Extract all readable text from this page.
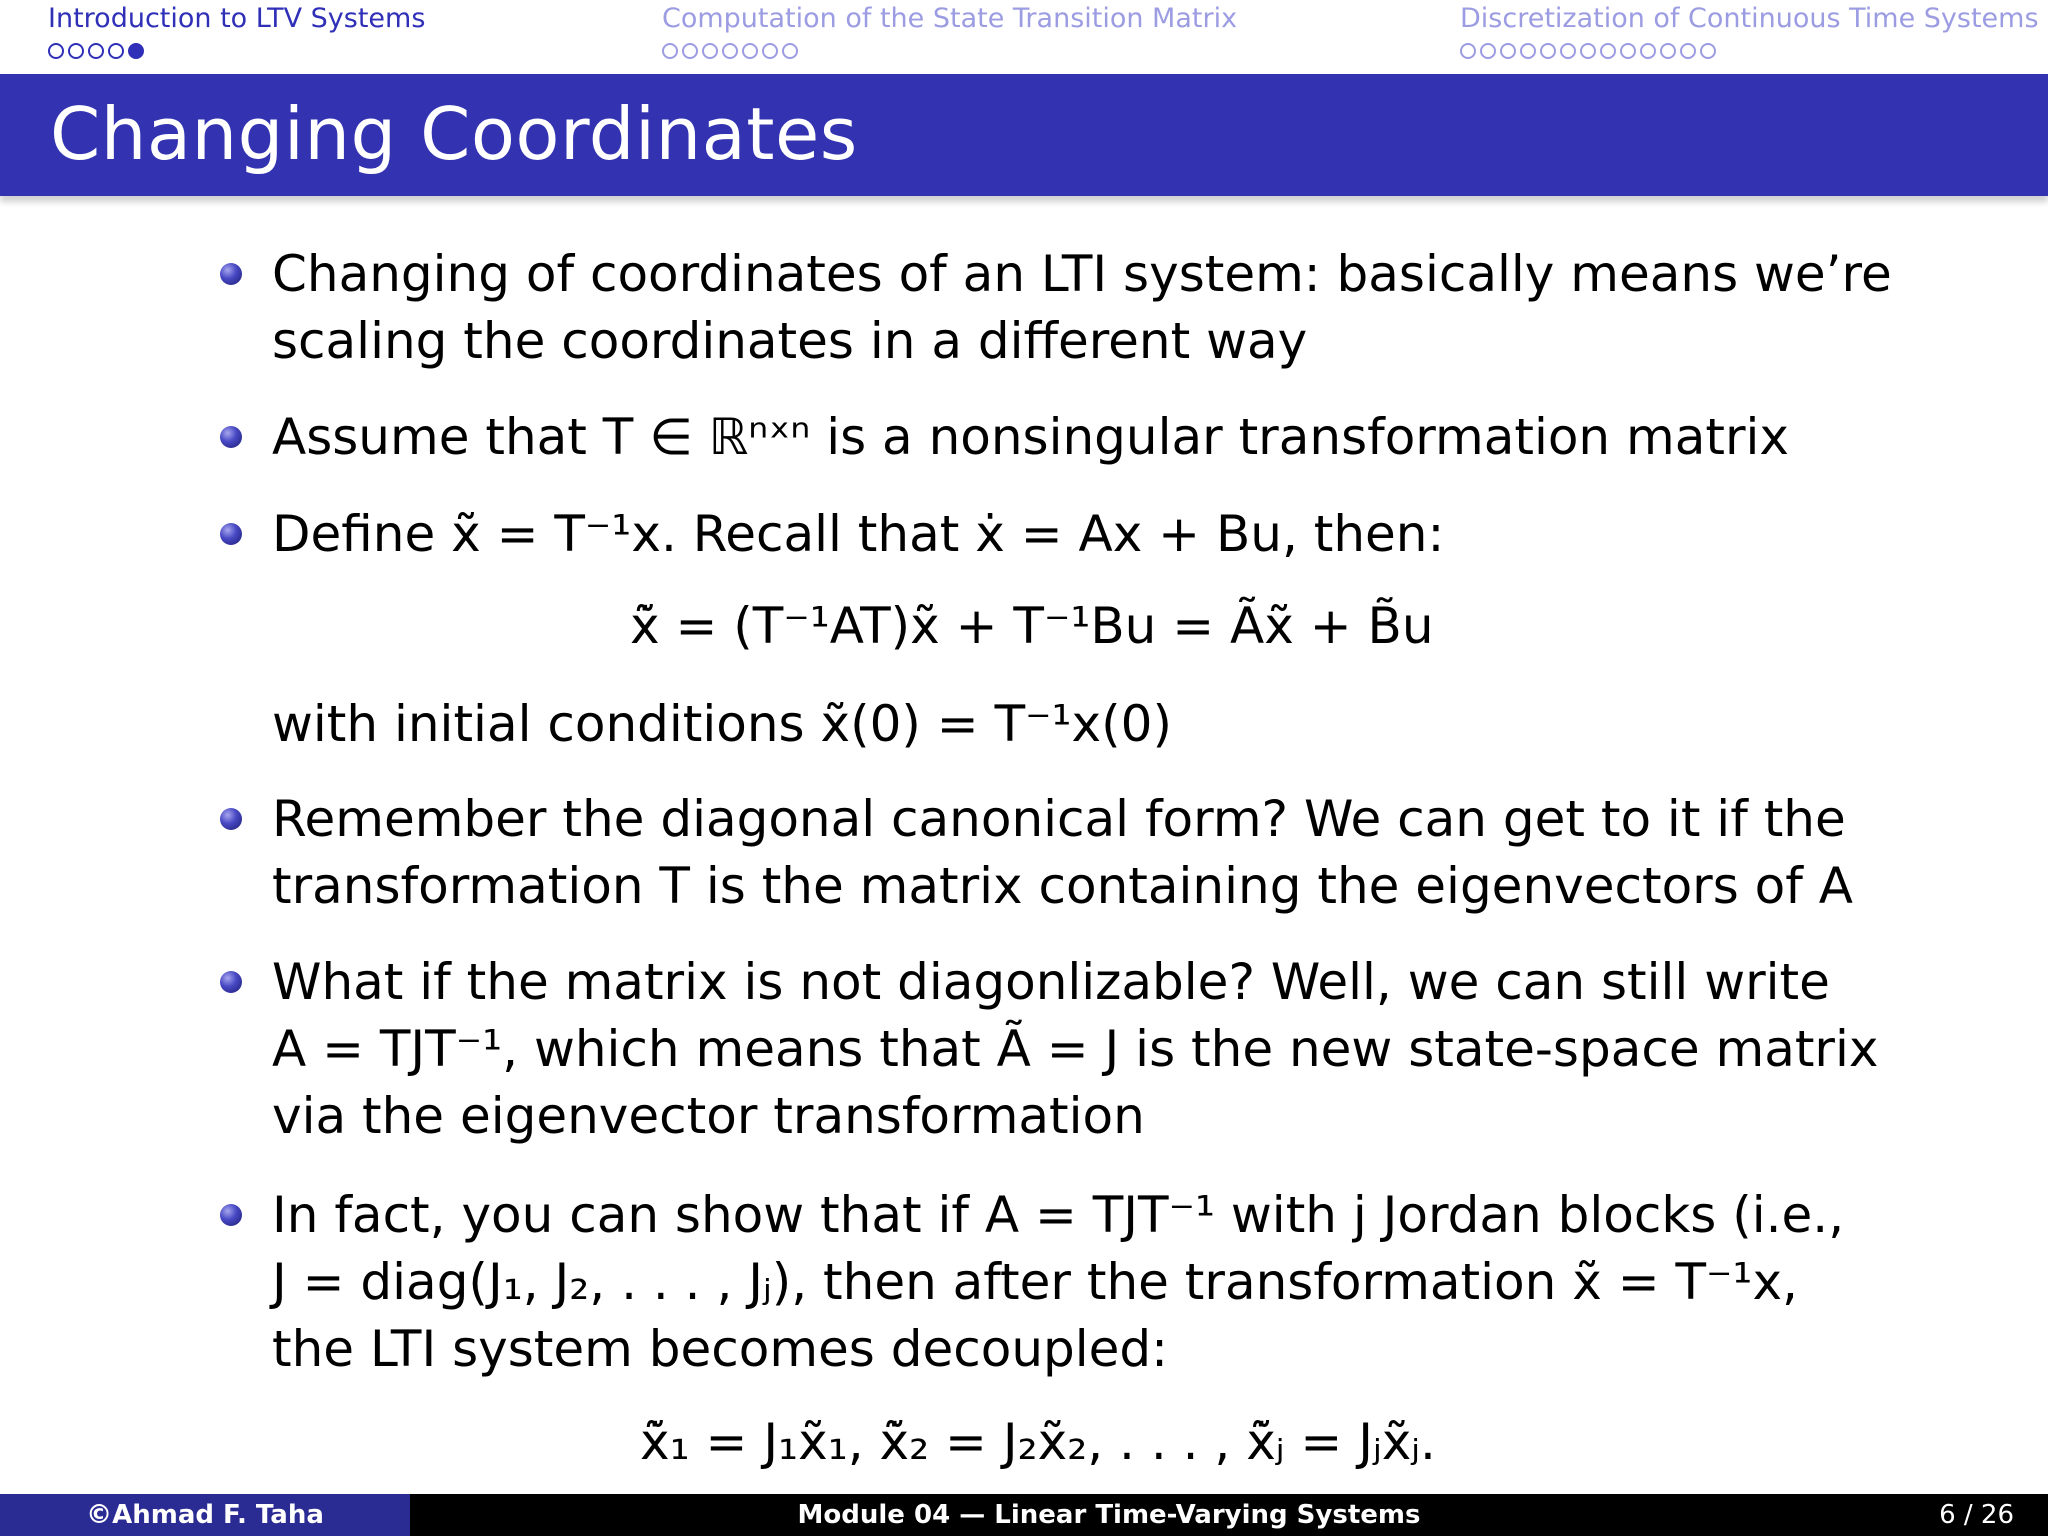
Introduction to LTV Systems	Computation of the State Transition Matrix	Discretization of Continuous Time Systems
Changing Coordinates
Changing of coordinates of an LTI system: basically means we’re
scaling the coordinates in a different way
Assume that T ∈ ℝⁿˣⁿ is a nonsingular transformation matrix
Define x̃ = T⁻¹x. Recall that ẋ = Ax + Bu, then:
x̃̇ = (T⁻¹AT)x̃ + T⁻¹Bu = Ãx̃ + B̃u
with initial conditions x̃(0) = T⁻¹x(0)
Remember the diagonal canonical form? We can get to it if the
transformation T is the matrix containing the eigenvectors of A
What if the matrix is not diagonlizable? Well, we can still write
A = TJT⁻¹, which means that Ã = J is the new state-space matrix
via the eigenvector transformation
In fact, you can show that if A = TJT⁻¹ with j Jordan blocks (i.e.,
J = diag(J₁, J₂, . . . , Jⱼ), then after the transformation x̃ = T⁻¹x,
the LTI system becomes decoupled:
x̃̇₁ = J₁x̃₁, x̃̇₂ = J₂x̃₂, . . . , x̃̇ⱼ = Jⱼx̃ⱼ.
©Ahmad F. Taha	Module 04 — Linear Time-Varying Systems	6 / 26
